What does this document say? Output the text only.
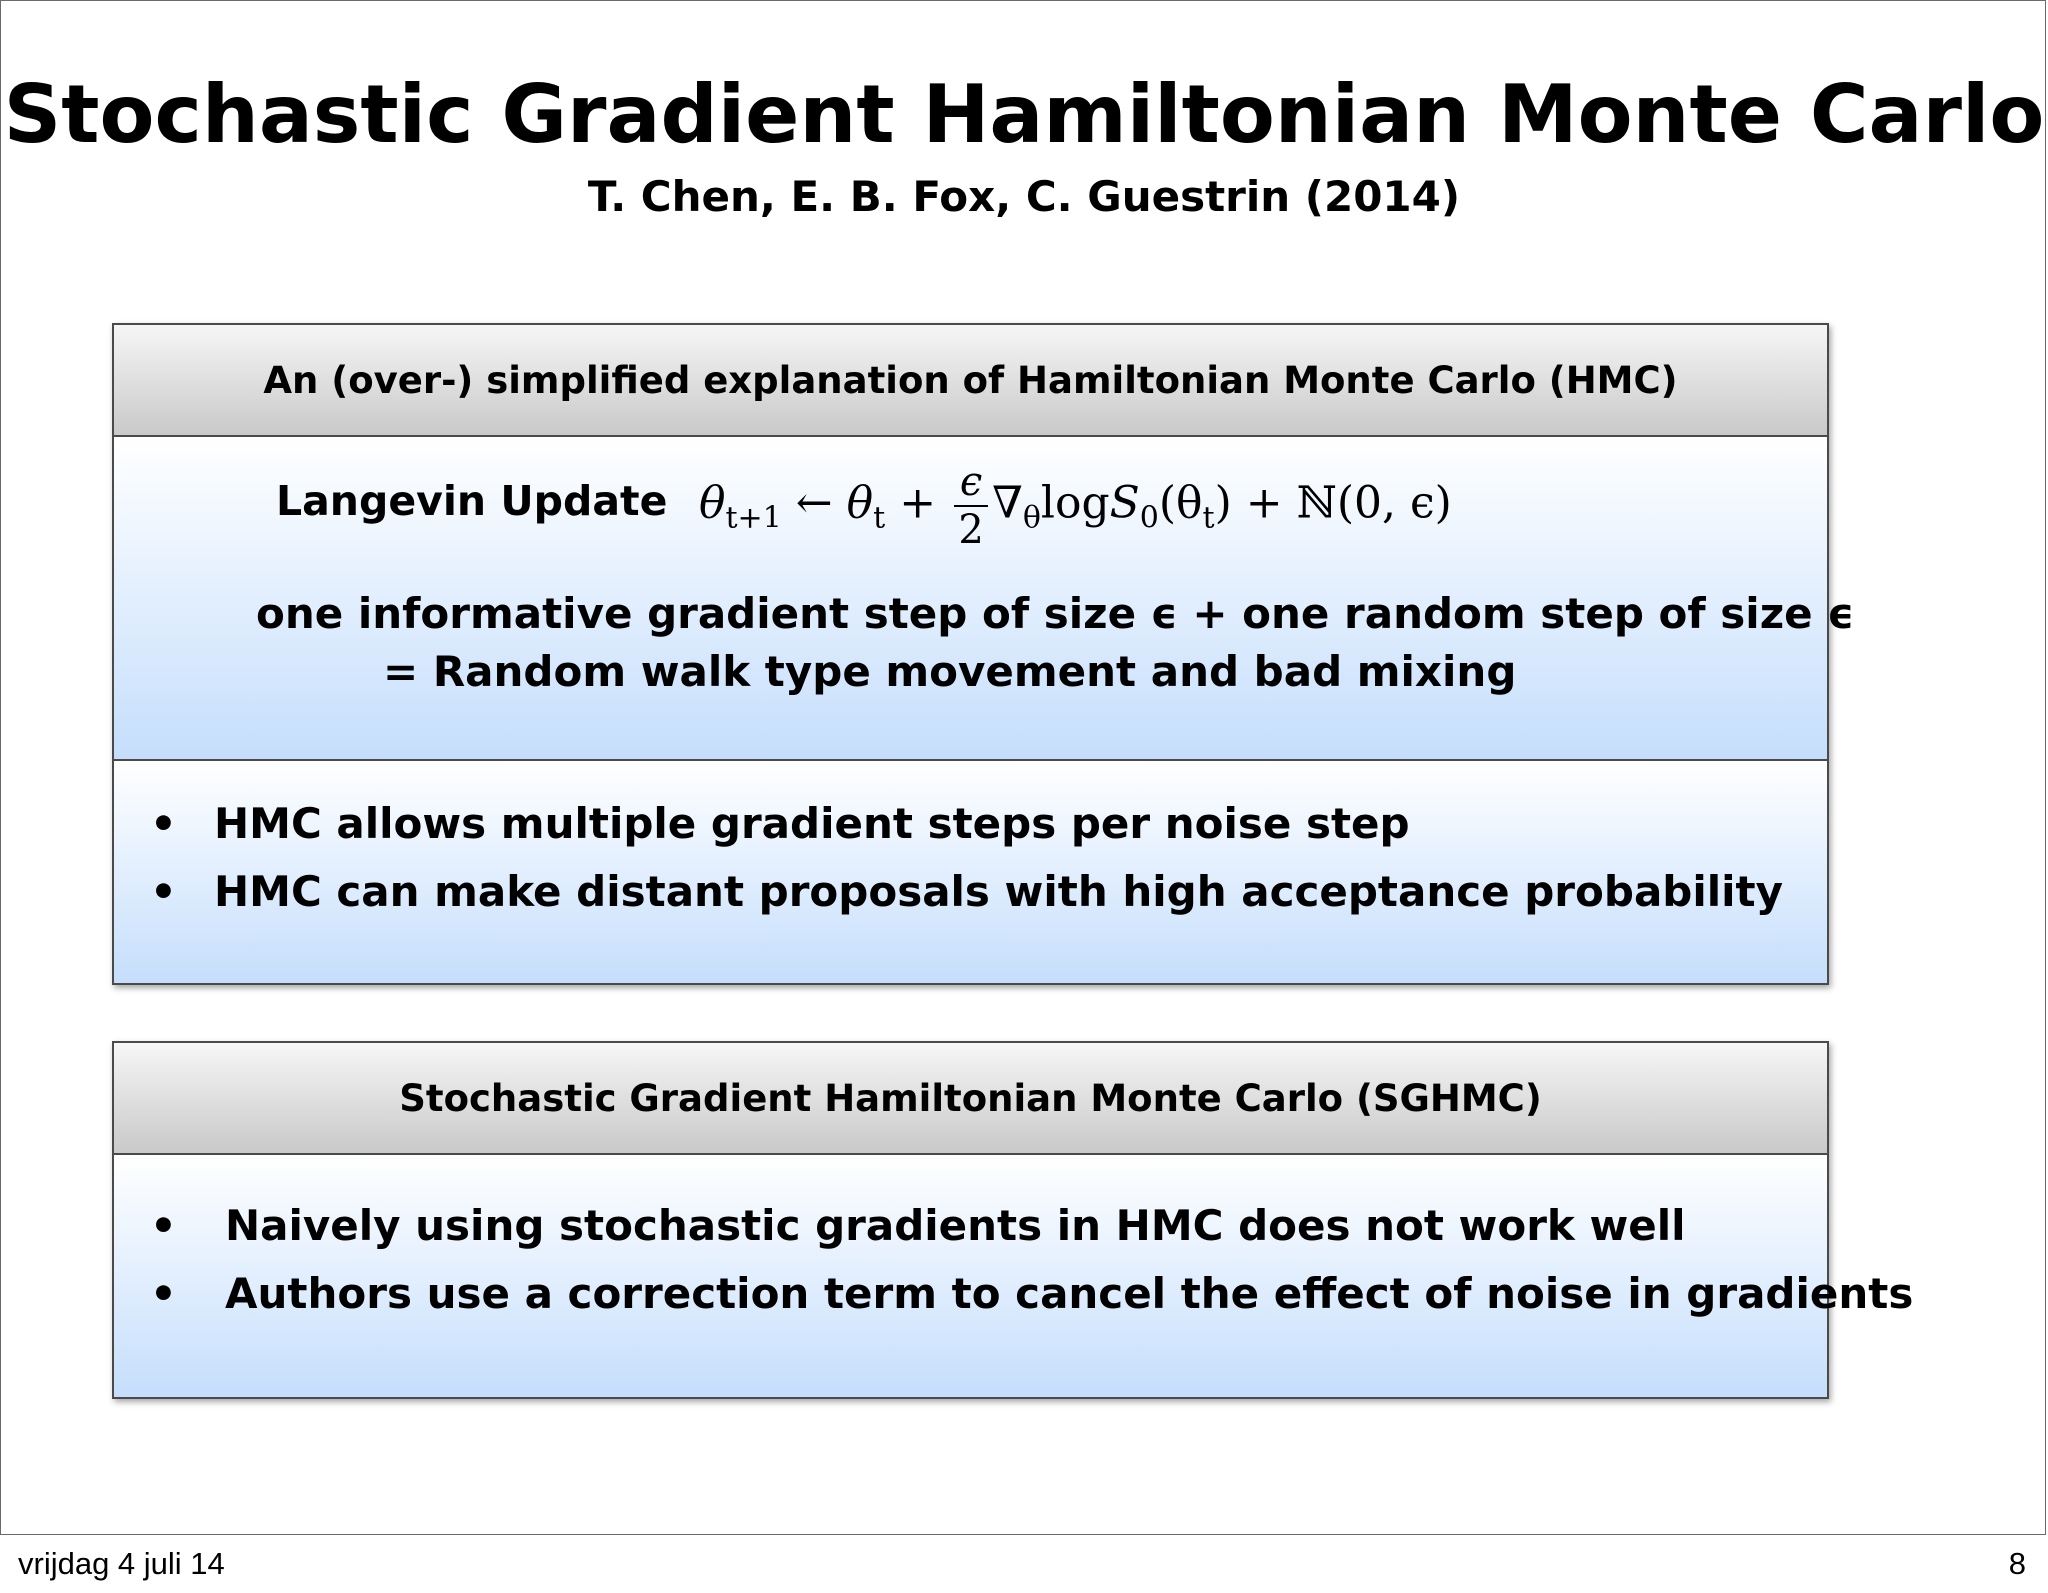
Stochastic Gradient Hamiltonian Monte Carlo
T. Chen, E. B. Fox, C. Guestrin (2014)
An (over-) simplified explanation of Hamiltonian Monte Carlo (HMC)
Langevin Update $\theta_{t+1}$ ← $\theta_t + \frac{\epsilon}{2} \nabla_\theta\log S_0(\theta_t)$ + ℕ(0, ϵ)
one informative gradient step of size ϵ + one random step of size ϵ
= Random walk type movement and bad mixing
• HMC allows multiple gradient steps per noise step
• HMC can make distant proposals with high acceptance probability
Stochastic Gradient Hamiltonian Monte Carlo (SGHMC)
• Naively using stochastic gradients in HMC does not work well
• Authors use a correction term to cancel the effect of noise in gradients
vrijdag 4 juli 14	8
